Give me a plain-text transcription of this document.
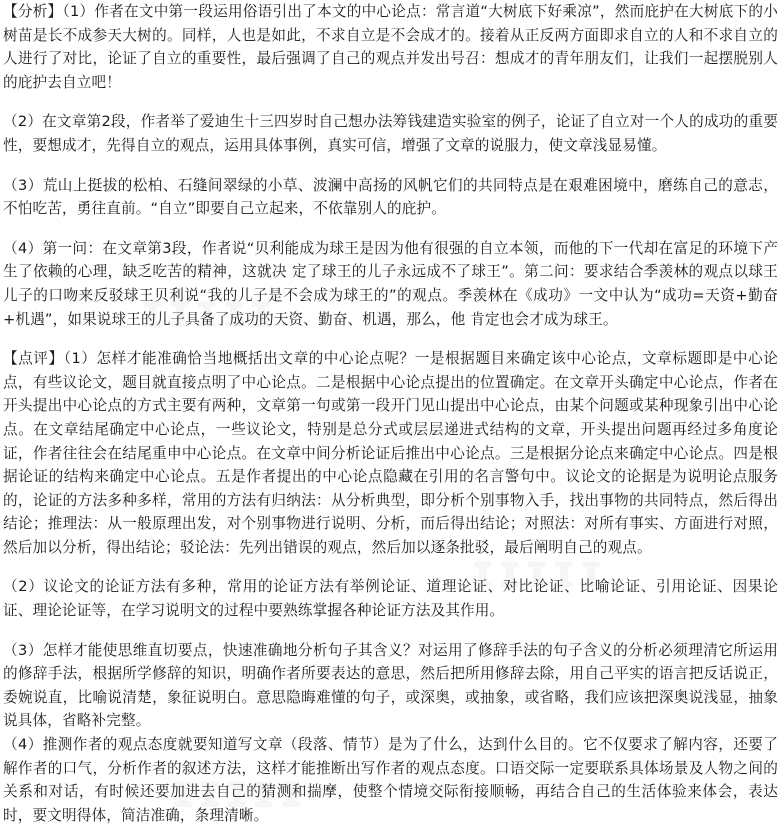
【分析】（1）作者在文中第一段运用俗语引出了本文的中心论点：常言道“大树底下好乘凉”，然而庇护在大树底下的小树苗是长不成参天大树的。同样，人也是如此，不求自立是不会成才的。接着从正反两方面即求自立的人和不求自立的人进行了对比，论证了自立的重要性，最后强调了自己的观点并发出号召：想成才的青年朋友们，让我们一起摆脱别人的庇护去自立吧！

（2）在文章第2段，作者举了爱迪生十三四岁时自己想办法筹钱建造实验室的例子，论证了自立对一个人的成功的重要性，要想成才，先得自立的观点，运用具体事例，真实可信，增强了文章的说服力，使文章浅显易懂。

（3）荒山上挺拔的松柏、石缝间翠绿的小草、波澜中高扬的风帆它们的共同特点是在艰难困境中，磨练自己的意志，不怕吃苦，勇往直前。“自立”即要自己立起来，不依靠别人的庇护。

（4）第一问：在文章第3段，作者说“贝利能成为球王是因为他有很强的自立本领，而他的下一代却在富足的环境下产生了依赖的心理，缺乏吃苦的精神，这就决 定了球王的儿子永远成不了球王”。第二问：要求结合季羡林的观点以球王儿子的口吻来反驳球王贝利说“我的儿子是不会成为球王的”的观点。季羡林在《成功》一文中认为“成功=天资+勤奋+机遇”，如果说球王的儿子具备了成功的天资、勤奋、机遇，那么，他 肯定也会才成为球王。

【点评】（1）怎样才能准确恰当地概括出文章的中心论点呢？一是根据题目来确定该中心论点，文章标题即是中心论点，有些议论文，题目就直接点明了中心论点。二是根据中心论点提出的位置确定。在文章开头确定中心论点，作者在开头提出中心论点的方式主要有两种，文章第一句或第一段开门见山提出中心论点，由某个问题或某种现象引出中心论点。在文章结尾确定中心论点，一些议论文，特别是总分式或层层递进式结构的文章，开头提出问题再经过多角度论证，作者往往会在结尾重申中心论点。在文章中间分析论证后推出中心论点。三是根据分论点来确定中心论点。四是根据论证的结构来确定中心论点。五是作者提出的中心论点隐藏在引用的名言警句中。议论文的论据是为说明论点服务的，论证的方法多种多样，常用的方法有归纳法：从分析典型，即分析个别事物入手，找出事物的共同特点，然后得出结论；推理法：从一般原理出发，对个别事物进行说明、分析，而后得出结论；对照法：对所有事实、方面进行对照，然后加以分析，得出结论；驳论法：先列出错误的观点，然后加以逐条批驳，最后阐明自己的观点。

（2）议论文的论证方法有多种，常用的论证方法有举例论证、道理论证、对比论证、比喻论证、引用论证、因果论证、理论论证等，在学习说明文的过程中要熟练掌握各种论证方法及其作用。

（3）怎样才能使思维直切要点，快速准确地分析句子其含义？对运用了修辞手法的句子含义的分析必须理清它所运用的修辞手法，根据所学修辞的知识，明确作者所要表达的意思，然后把所用修辞去除，用自己平实的语言把反话说正，委婉说直，比喻说清楚，象征说明白。意思隐晦难懂的句子，或深奥，或抽象，或省略，我们应该把深奥说浅显，抽象说具体，省略补完整。

（4）推测作者的观点态度就要知道写文章（段落、情节）是为了什么，达到什么目的。它不仅要求了解内容，还要了解作者的口气，分析作者的叙述方法，这样才能推断出写作者的观点态度。口语交际一定要联系具体场景及人物之间的关系和对话，有时候还要加进去自己的猜测和揣摩，使整个情境交际衔接顺畅，再结合自己的生活体验来体会，表达时，要文明得体，简洁准确，条理清晰。
